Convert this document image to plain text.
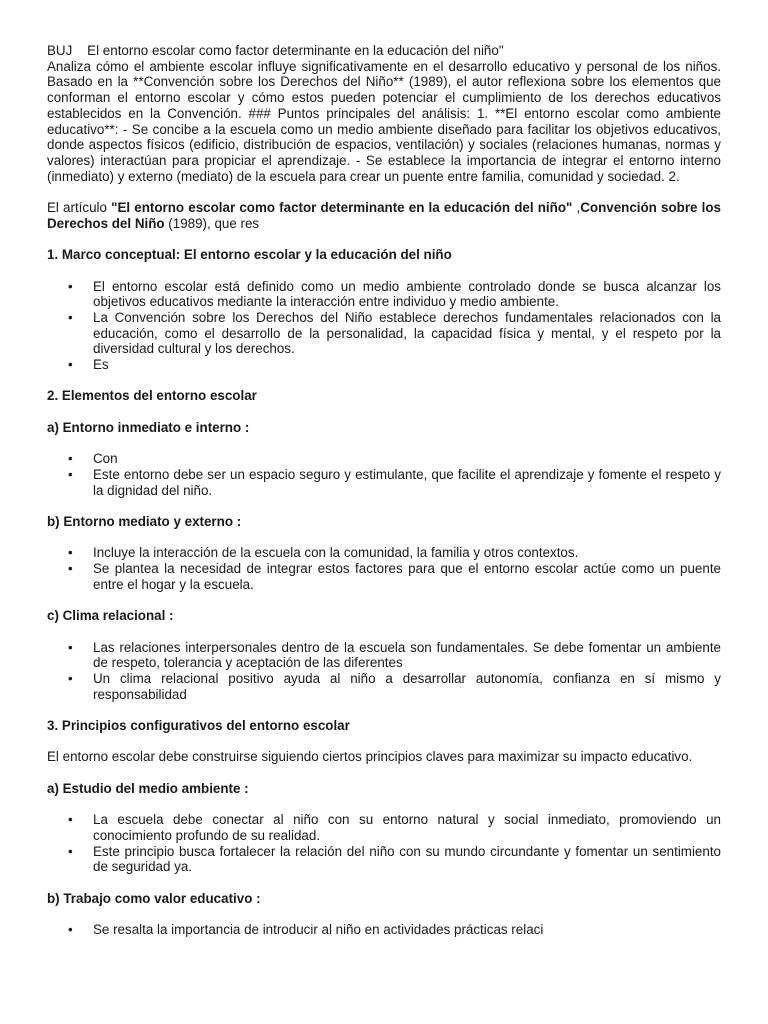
BUJ    El entorno escolar como factor determinante en la educación del niño"

Analiza cómo el ambiente escolar influye significativamente en el desarrollo educativo y personal de los niños. Basado en la **Convención sobre los Derechos del Niño** (1989), el autor reflexiona sobre los elementos que conforman el entorno escolar y cómo estos pueden potenciar el cumplimiento de los derechos educativos establecidos en la Convención. ### Puntos principales del análisis: 1. **El entorno escolar como ambiente educativo**: - Se concibe a la escuela como un medio ambiente diseñado para facilitar los objetivos educativos, donde aspectos físicos (edificio, distribución de espacios, ventilación) y sociales (relaciones humanas, normas y valores) interactúan para propiciar el aprendizaje. - Se establece la importancia de integrar el entorno interno (inmediato) y externo (mediato) de la escuela para crear un puente entre familia, comunidad y sociedad. 2.

El artículo "El entorno escolar como factor determinante en la educación del niño" ,Convención sobre los Derechos del Niño (1989), que res

1. Marco conceptual: El entorno escolar y la educación del niño

• El entorno escolar está definido como un medio ambiente controlado donde se busca alcanzar los objetivos educativos mediante la interacción entre individuo y medio ambiente.
• La Convención sobre los Derechos del Niño establece derechos fundamentales relacionados con la educación, como el desarrollo de la personalidad, la capacidad física y mental, y el respeto por la diversidad cultural y los derechos.
• Es

2. Elementos del entorno escolar

a) Entorno inmediato e interno :

• Con
• Este entorno debe ser un espacio seguro y estimulante, que facilite el aprendizaje y fomente el respeto y la dignidad del niño.

b) Entorno mediato y externo :

• Incluye la interacción de la escuela con la comunidad, la familia y otros contextos.
• Se plantea la necesidad de integrar estos factores para que el entorno escolar actúe como un puente entre el hogar y la escuela.

c) Clima relacional :

• Las relaciones interpersonales dentro de la escuela son fundamentales. Se debe fomentar un ambiente de respeto, tolerancia y aceptación de las diferentes
• Un clima relacional positivo ayuda al niño a desarrollar autonomía, confianza en sí mismo y responsabilidad

3. Principios configurativos del entorno escolar

El entorno escolar debe construirse siguiendo ciertos principios claves para maximizar su impacto educativo.

a) Estudio del medio ambiente :

• La escuela debe conectar al niño con su entorno natural y social inmediato, promoviendo un conocimiento profundo de su realidad.
• Este principio busca fortalecer la relación del niño con su mundo circundante y fomentar un sentimiento de seguridad ya.

b) Trabajo como valor educativo :

• Se resalta la importancia de introducir al niño en actividades prácticas relaci
